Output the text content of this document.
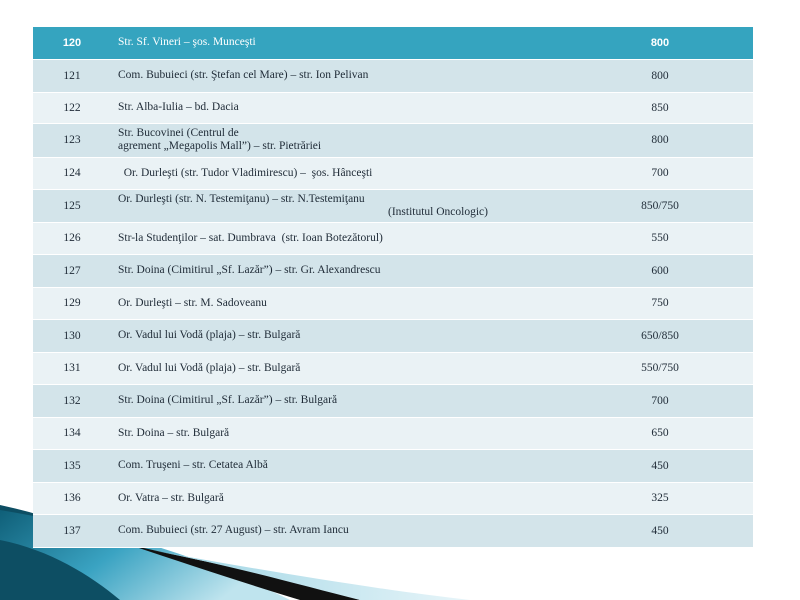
120	Str. Sf. Vineri – şos. Munceşti	800
121	Com. Bubuieci (str. Ştefan cel Mare) – str. Ion Pelivan	800
122	Str. Alba-Iulia – bd. Dacia	850
123	Str. Bucovinei (Centrul de
agrement „Megapolis Mall”) – str. Pietrăriei	800
124	Or. Durleşti (str. Tudor Vladimirescu) –  şos. Hânceşti	700
125	Or. Durleşti (str. N. Testemiţanu) – str. N.Testemiţanu
(Institutul Oncologic)	850/750
126	Str-la Studenţilor – sat. Dumbrava  (str. Ioan Botezătorul)	550
127	Str. Doina (Cimitirul „Sf. Lazăr”) – str. Gr. Alexandrescu	600
129	Or. Durleşti – str. M. Sadoveanu	750
130	Or. Vadul lui Vodă (plaja) – str. Bulgară	650/850
131	Or. Vadul lui Vodă (plaja) – str. Bulgară	550/750
132	Str. Doina (Cimitirul „Sf. Lazăr”) – str. Bulgară	700
134	Str. Doina – str. Bulgară	650
135	Com. Truşeni – str. Cetatea Albă	450
136	Or. Vatra – str. Bulgară	325
137	Com. Bubuieci (str. 27 August) – str. Avram Iancu	450
